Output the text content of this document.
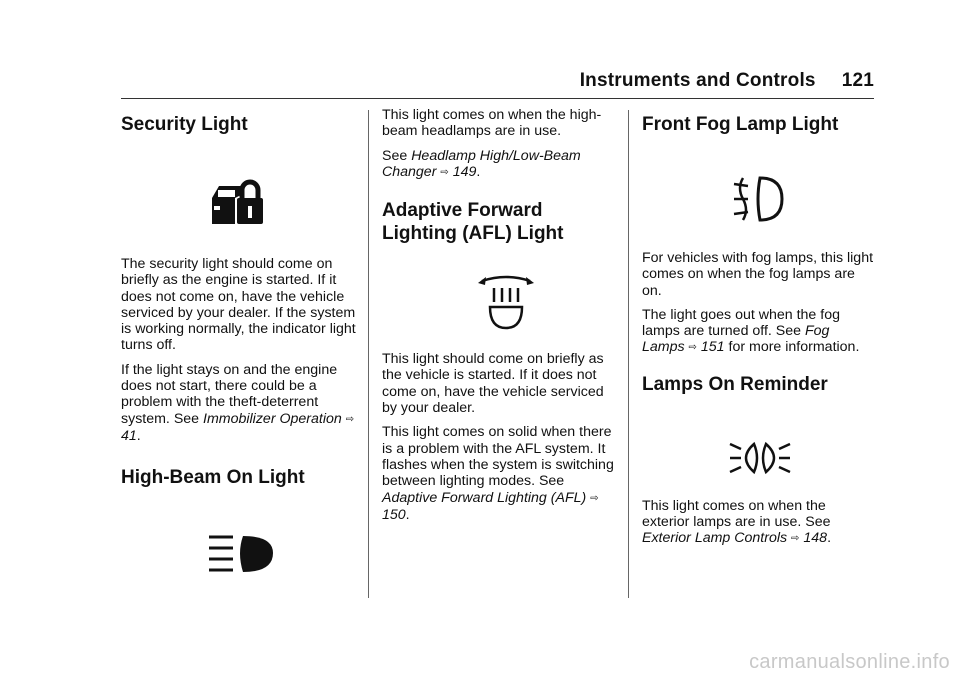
Instruments and Controls 121
Security Light

The security light should come on briefly as the engine is started. If it does not come on, have the vehicle serviced by your dealer. If the system is working normally, the indicator light turns off.

If the light stays on and the engine does not start, there could be a problem with the theft-deterrent system. See Immobilizer Operation ⇨ 41.

High-Beam On Light

This light comes on when the high-beam headlamps are in use.

See Headlamp High/Low-Beam Changer ⇨ 149.

Adaptive Forward
Lighting (AFL) Light

This light should come on briefly as the vehicle is started. If it does not come on, have the vehicle serviced by your dealer.

This light comes on solid when there is a problem with the AFL system. It flashes when the system is switching between lighting modes. See Adaptive Forward Lighting (AFL) ⇨ 150.

Front Fog Lamp Light

For vehicles with fog lamps, this light comes on when the fog lamps are on.

The light goes out when the fog lamps are turned off. See Fog Lamps ⇨ 151 for more information.

Lamps On Reminder

This light comes on when the exterior lamps are in use. See Exterior Lamp Controls ⇨ 148.

carmanualsonline.info
